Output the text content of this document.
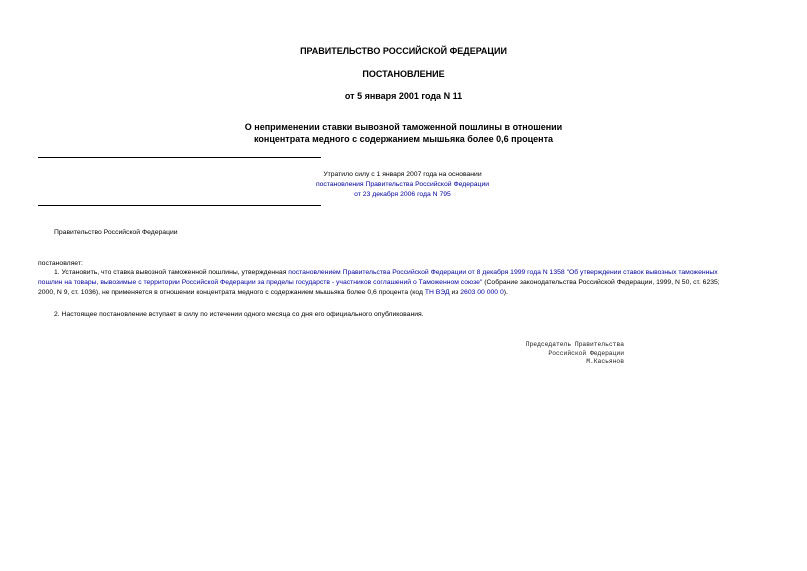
ПРАВИТЕЛЬСТВО РОССИЙСКОЙ ФЕДЕРАЦИИ
ПОСТАНОВЛЕНИЕ
от 5 января 2001 года N 11
О неприменении ставки вывозной таможенной пошлины в отношении
концентрата медного с содержанием мышьяка более 0,6 процента
Утратило силу с 1 января 2007 года на основании
постановления Правительства Российской Федерации
от 23 декабря 2006 года N 795
Правительство Российской Федерации
постановляет:
1. Установить, что ставка вывозной таможенной пошлины, утвержденная постановлением Правительства Российской Федерации от 8 декабря 1999 года N 1358 "Об утверждении ставок вывозных таможенных
пошлин на товары, вывозимые с территории Российской Федерации за пределы государств - участников соглашений о Таможенном союзе" (Собрание законодательства Российской Федерации, 1999, N 50, ст. 6235;
2000, N 9, ст. 1036), не применяется в отношении концентрата медного с содержанием мышьяка более 0,6 процента (код ТН ВЭД из 2603 00 000 0).
2. Настоящее постановление вступает в силу по истечении одного месяца со дня его официального опубликования.
Председатель Правительства
Российской Федерации
М.Касьянов
